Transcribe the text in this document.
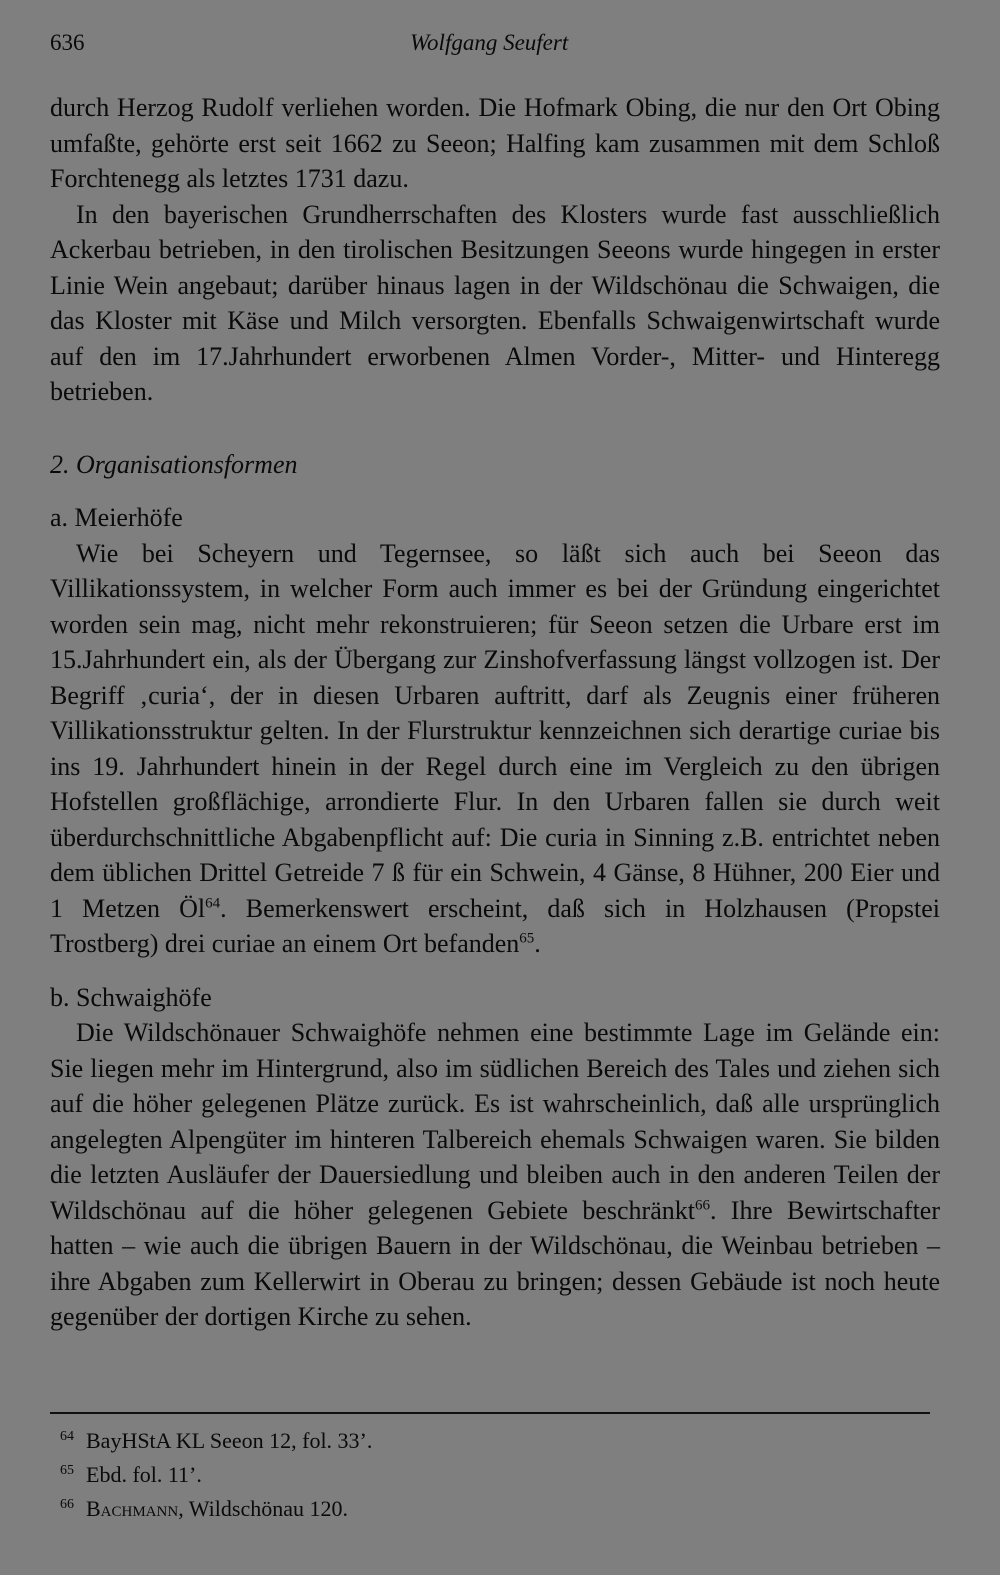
636	Wolfgang Seufert

durch Herzog Rudolf verliehen worden. Die Hofmark Obing, die nur den Ort Obing umfaßte, gehörte erst seit 1662 zu Seeon; Halfing kam zusammen mit dem Schloß Forchtenegg als letztes 1731 dazu.

In den bayerischen Grundherrschaften des Klosters wurde fast ausschließlich Ackerbau betrieben, in den tirolischen Besitzungen Seeons wurde hingegen in erster Linie Wein angebaut; darüber hinaus lagen in der Wildschönau die Schwaigen, die das Kloster mit Käse und Milch versorgten. Ebenfalls Schwaigenwirtschaft wurde auf den im 17.Jahrhundert erworbenen Almen Vorder-, Mitter- und Hinteregg betrieben.

2. Organisationsformen

a. Meierhöfe

Wie bei Scheyern und Tegernsee, so läßt sich auch bei Seeon das Villikationssystem, in welcher Form auch immer es bei der Gründung eingerichtet worden sein mag, nicht mehr rekonstruieren; für Seeon setzen die Urbare erst im 15.Jahrhundert ein, als der Übergang zur Zinshofverfassung längst vollzogen ist. Der Begriff ‚curia‘, der in diesen Urbaren auftritt, darf als Zeugnis einer früheren Villikationsstruktur gelten. In der Flurstruktur kennzeichnen sich derartige curiae bis ins 19. Jahrhundert hinein in der Regel durch eine im Vergleich zu den übrigen Hofstellen großflächige, arrondierte Flur. In den Urbaren fallen sie durch weit überdurchschnittliche Abgabenpflicht auf: Die curia in Sinning z.B. entrichtet neben dem üblichen Drittel Getreide 7 ß für ein Schwein, 4 Gänse, 8 Hühner, 200 Eier und 1 Metzen $Öl^{64}$. Bemerkenswert erscheint, daß sich in Holzhausen (Propstei Trostberg) drei curiae an einem Ort befanden$^{65}$.

b. Schwaighöfe

Die Wildschönauer Schwaighöfe nehmen eine bestimmte Lage im Gelände ein: Sie liegen mehr im Hintergrund, also im südlichen Bereich des Tales und ziehen sich auf die höher gelegenen Plätze zurück. Es ist wahrscheinlich, daß alle ursprünglich angelegten Alpengüter im hinteren Talbereich ehemals Schwaigen waren. Sie bilden die letzten Ausläufer der Dauersiedlung und bleiben auch in den anderen Teilen der Wildschönau auf die höher gelegenen Gebiete beschränkt$^{66}$. Ihre Bewirtschafter hatten – wie auch die übrigen Bauern in der Wildschönau, die Weinbau betrieben – ihre Abgaben zum Kellerwirt in Oberau zu bringen; dessen Gebäude ist noch heute gegenüber der dortigen Kirche zu sehen.

64 BayHStA KL Seeon 12, fol. 33’.
65 Ebd. fol. 11’.
66 Bachmann, Wildschönau 120.
